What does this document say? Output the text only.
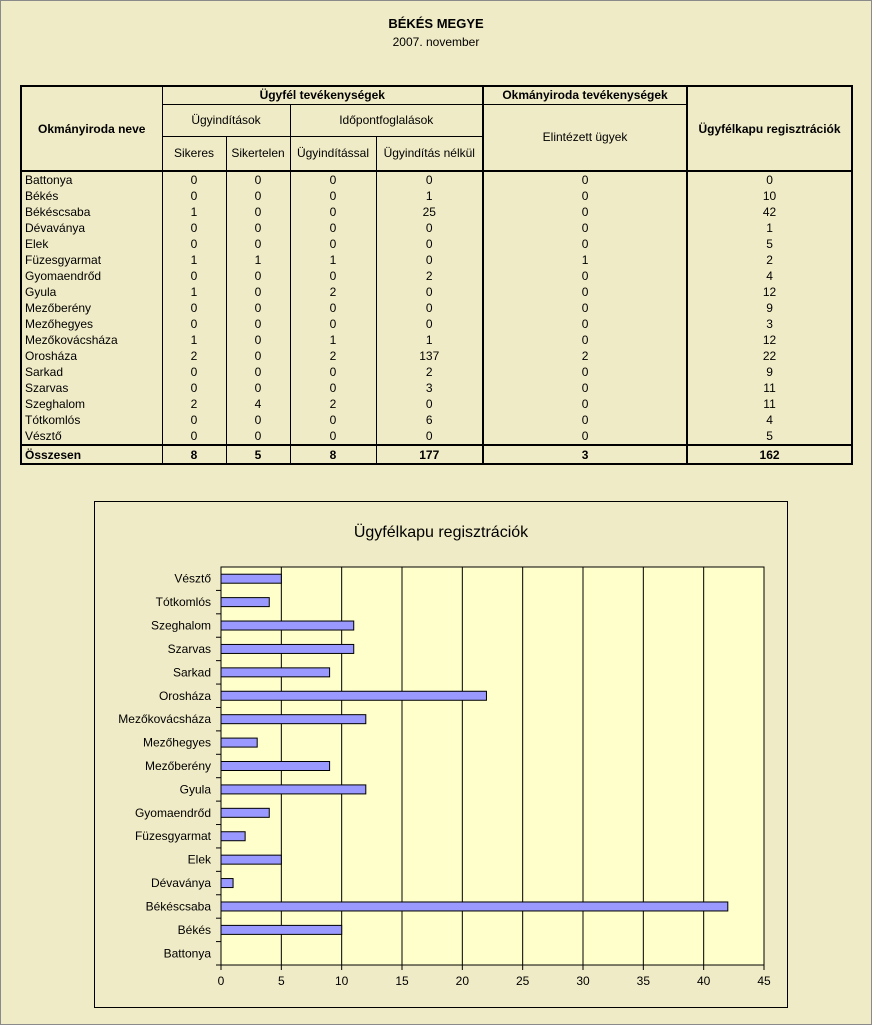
BÉKÉS MEGYE
2007. november
Okmányiroda neve	Ügyfél tevékenységek				Okmányiroda tevékenységek	Ügyfélkapu regisztrációk
	Ügyindítások		Időpontfoglalások		Elintézett ügyek	
	Sikeres	Sikertelen	Ügyindítással	Ügyindítás nélkül		
Battonya	0	0	0	0	0	0
Békés	0	0	0	1	0	10
Békéscsaba	1	0	0	25	0	42
Dévaványa	0	0	0	0	0	1
Elek	0	0	0	0	0	5
Füzesgyarmat	1	1	1	0	1	2
Gyomaendrőd	0	0	0	2	0	4
Gyula	1	0	2	0	0	12
Mezőberény	0	0	0	0	0	9
Mezőhegyes	0	0	0	0	0	3
Mezőkovácsháza	1	0	1	1	0	12
Orosháza	2	0	2	137	2	22
Sarkad	0	0	0	2	0	9
Szarvas	0	0	0	3	0	11
Szeghalom	2	4	2	0	0	11
Tótkomlós	0	0	0	6	0	4
Vésztő	0	0	0	0	0	5
Összesen	8	5	8	177	3	162
Ügyfélkapu regisztrációk
0	5	10	15	20	25	30	35	40	45
Battonya
Békés
Békéscsaba
Dévaványa
Elek
Füzesgyarmat
Gyomaendrőd
Gyula
Mezőberény
Mezőhegyes
Mezőkovácsháza
Orosháza
Sarkad
Szarvas
Szeghalom
Tótkomlós
Vésztő
